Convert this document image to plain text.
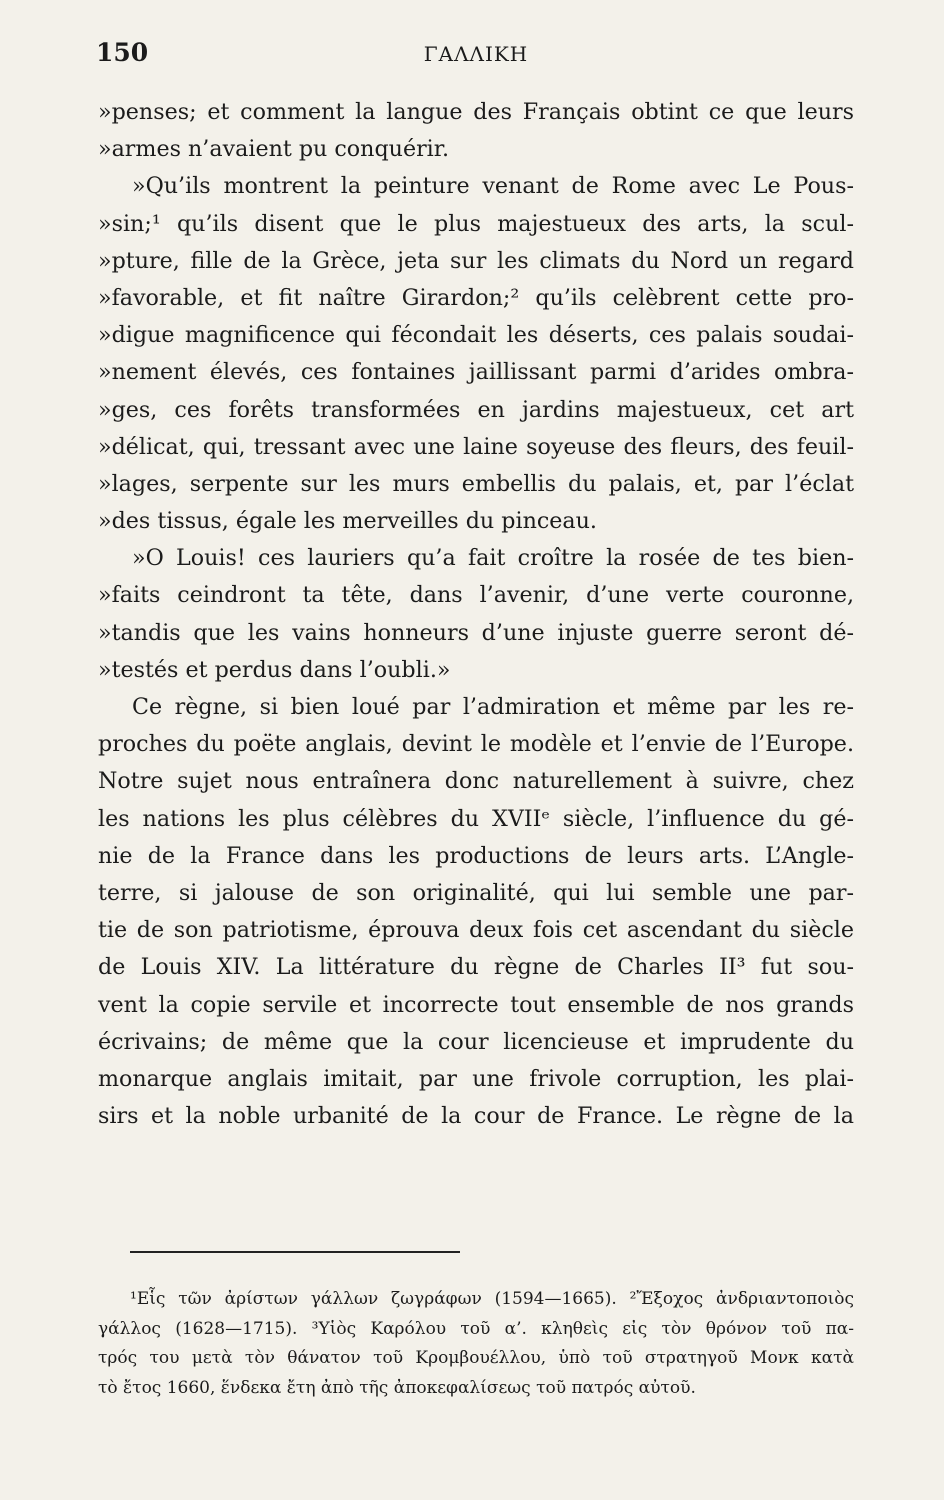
150	ΓΑΛΛΙΚΗ
»penses; et comment la langue des Français obtint ce que leurs
»armes n’avaient pu conquérir.
»Qu’ils montrent la peinture venant de Rome avec Le Pous-
»sin;¹ qu’ils disent que le plus majestueux des arts, la scul-
»pture, fille de la Grèce, jeta sur les climats du Nord un regard
»favorable, et fit naître Girardon;² qu’ils celèbrent cette pro-
»digue magnificence qui fécondait les déserts, ces palais soudai-
»nement élevés, ces fontaines jaillissant parmi d’arides ombra-
»ges, ces forêts transformées en jardins majestueux, cet art
»délicat, qui, tressant avec une laine soyeuse des fleurs, des feuil-
»lages, serpente sur les murs embellis du palais, et, par l’éclat
»des tissus, égale les merveilles du pinceau.
»O Louis! ces lauriers qu’a fait croître la rosée de tes bien-
»faits ceindront ta tête, dans l’avenir, d’une verte couronne,
»tandis que les vains honneurs d’une injuste guerre seront dé-
»testés et perdus dans l’oubli.»
Ce règne, si bien loué par l’admiration et même par les re-
proches du poëte anglais, devint le modèle et l’envie de l’Europe.
Notre sujet nous entraînera donc naturellement à suivre, chez
les nations les plus célèbres du XVIIᵉ siècle, l’influence du gé-
nie de la France dans les productions de leurs arts. L’Angle-
terre, si jalouse de son originalité, qui lui semble une par-
tie de son patriotisme, éprouva deux fois cet ascendant du siècle
de Louis XIV. La littérature du règne de Charles II³ fut sou-
vent la copie servile et incorrecte tout ensemble de nos grands
écrivains; de même que la cour licencieuse et imprudente du
monarque anglais imitait, par une frivole corruption, les plai-
sirs et la noble urbanité de la cour de France. Le règne de la
¹Εἷς τῶν ἀρίστων γάλλων ζωγράφων (1594—1665). ²Ἔξοχος ἀνδριαντοποιὸς
γάλλος (1628—1715). ³Υἱὸς Καρόλου τοῦ α’. κληθεὶς εἰς τὸν θρόνον τοῦ πα-
τρός του μετὰ τὸν θάνατον τοῦ Κρομβουέλλου, ὑπὸ τοῦ στρατηγοῦ Μονκ κατὰ
τὸ ἔτος 1660, ἕνδεκα ἔτη ἀπὸ τῆς ἀποκεφαλίσεως τοῦ πατρός αὐτοῦ.
